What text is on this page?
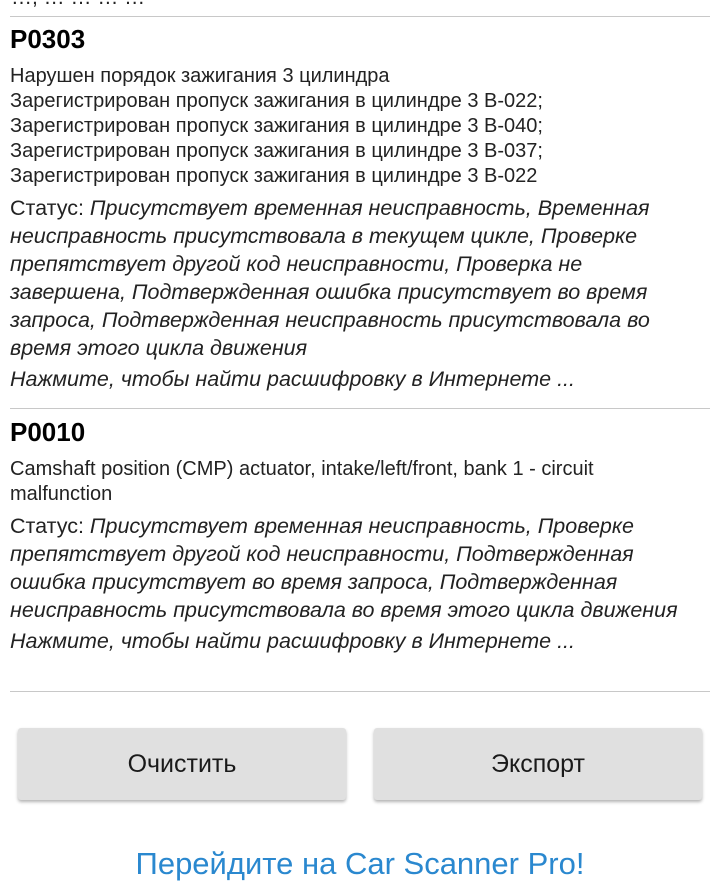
P0303
Нарушен порядок зажигания 3 цилиндра
Зарегистрирован пропуск зажигания в цилиндре 3 B-022;
Зарегистрирован пропуск зажигания в цилиндре 3 B-040;
Зарегистрирован пропуск зажигания в цилиндре 3 B-037;
Зарегистрирован пропуск зажигания в цилиндре 3 B-022
Статус: Присутствует временная неисправность, Временная неисправность присутствовала в текущем цикле, Проверке препятствует другой код неисправности, Проверка не завершена, Подтвержденная ошибка присутствует во время запроса, Подтвержденная неисправность присутствовала во время этого цикла движения
Нажмите, чтобы найти расшифровку в Интернете ...
P0010
Camshaft position (CMP) actuator, intake/left/front, bank 1 - circuit
malfunction
Статус: Присутствует временная неисправность, Проверке препятствует другой код неисправности, Подтвержденная ошибка присутствует во время запроса, Подтвержденная неисправность присутствовала во время этого цикла движения
Нажмите, чтобы найти расшифровку в Интернете ...
Очистить	Экспорт
Перейдите на Car Scanner Pro!
